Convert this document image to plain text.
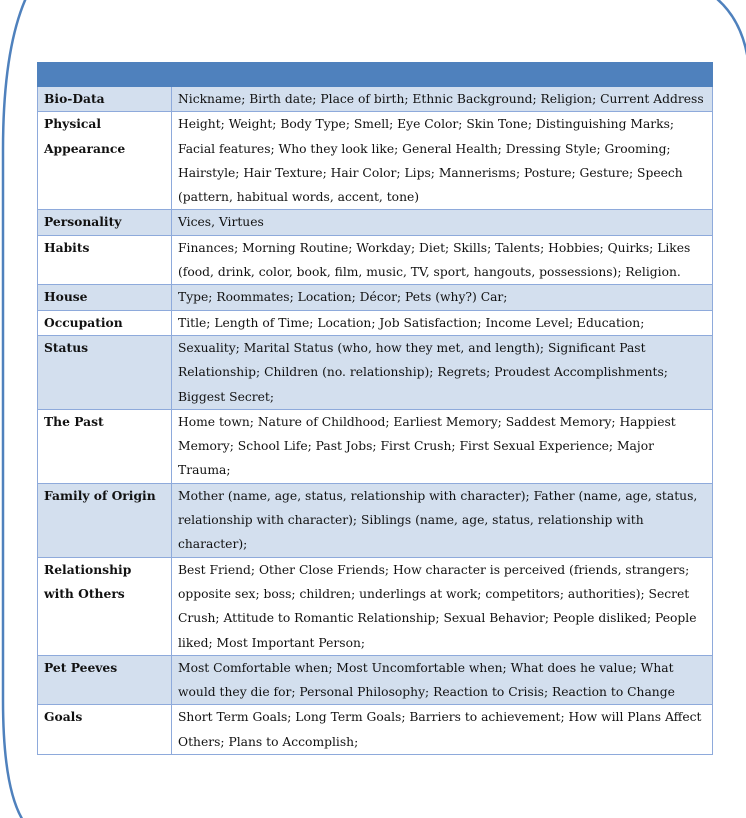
Bio-Data	Nickname; Birth date; Place of birth; Ethnic Background; Religion; Current Address
Physical Appearance	Height; Weight; Body Type; Smell; Eye Color; Skin Tone; Distinguishing Marks; Facial features; Who they look like; General Health; Dressing Style; Grooming; Hairstyle; Hair Texture; Hair Color; Lips; Mannerisms; Posture; Gesture; Speech (pattern, habitual words, accent, tone)
Personality	Vices, Virtues
Habits	Finances; Morning Routine; Workday; Diet; Skills; Talents; Hobbies; Quirks; Likes (food, drink, color, book, film, music, TV, sport, hangouts, possessions); Religion.
House	Type; Roommates; Location; Décor; Pets (why?) Car;
Occupation	Title; Length of Time; Location; Job Satisfaction; Income Level; Education;
Status	Sexuality; Marital Status (who, how they met, and length); Significant Past Relationship; Children (no. relationship); Regrets; Proudest Accomplishments; Biggest Secret;
The Past	Home town; Nature of Childhood; Earliest Memory; Saddest Memory; Happiest Memory; School Life; Past Jobs; First Crush; First Sexual Experience; Major Trauma;
Family of Origin	Mother (name, age, status, relationship with character); Father (name, age, status, relationship with character); Siblings (name, age, status, relationship with character);
Relationship with Others	Best Friend; Other Close Friends; How character is perceived (friends, strangers; opposite sex; boss; children; underlings at work; competitors; authorities); Secret Crush; Attitude to Romantic Relationship; Sexual Behavior; People disliked; People liked; Most Important Person;
Pet Peeves	Most Comfortable when; Most Uncomfortable when; What does he value; What would they die for; Personal Philosophy; Reaction to Crisis; Reaction to Change
Goals	Short Term Goals; Long Term Goals; Barriers to achievement; How will Plans Affect Others; Plans to Accomplish;
